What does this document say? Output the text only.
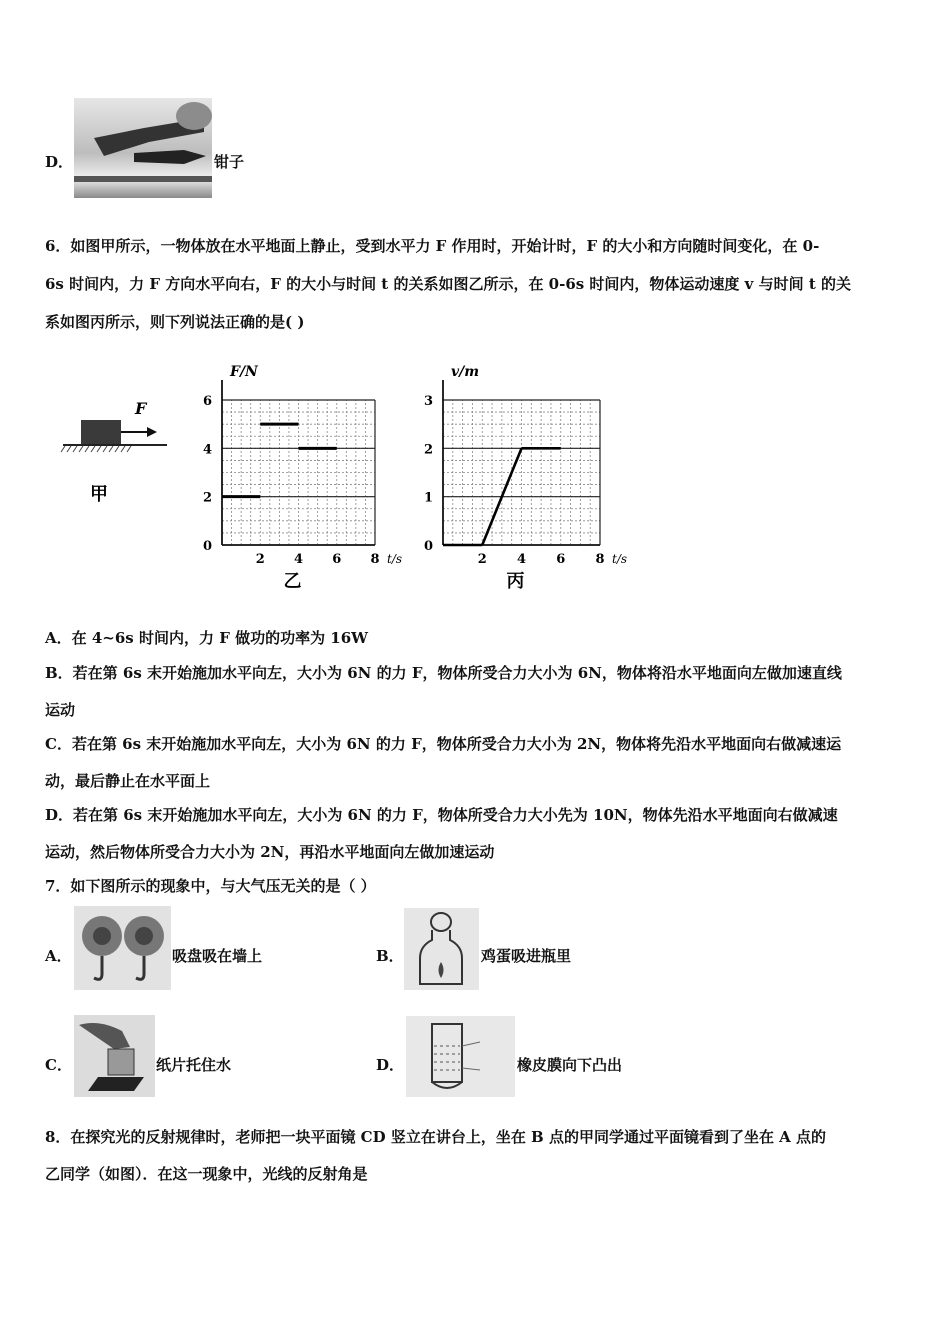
D．	钳子
6．如图甲所示，一物体放在水平地面上静止，受到水平力 F 作用时，开始计时，F 的大小和方向随时间变化，在 0-
6s 时间内，力 F 方向水平向右，F 的大小与时间 t 的关系如图乙所示，在 0-6s 时间内，物体运动速度 v 与时间 t 的关
系如图丙所示，则下列说法正确的是( )
F
甲
0
2
4
6
2 4 6 8 t/s
F/N
乙
0
1
2
3
2 4 6 8 t/s
v/m
丙
A．在 4~6s 时间内，力 F 做功的功率为 16W
B．若在第 6s 末开始施加水平向左，大小为 6N 的力 F，物体所受合力大小为 6N，物体将沿水平地面向左做加速直线
运动
C．若在第 6s 末开始施加水平向左，大小为 6N 的力 F，物体所受合力大小为 2N，物体将先沿水平地面向右做减速运
动，最后静止在水平面上
D．若在第 6s 末开始施加水平向左，大小为 6N 的力 F，物体所受合力大小先为 10N，物体先沿水平地面向右做减速
运动，然后物体所受合力大小为 2N，再沿水平地面向左做加速运动
7．如下图所示的现象中，与大气压无关的是（ ）
A．	吸盘吸在墙上	B．	鸡蛋吸进瓶里
C．	纸片托住水	D．	橡皮膜向下凸出
8．在探究光的反射规律时，老师把一块平面镜 CD 竖立在讲台上，坐在 B 点的甲同学通过平面镜看到了坐在 A 点的
乙同学（如图）．在这一现象中，光线的反射角是
